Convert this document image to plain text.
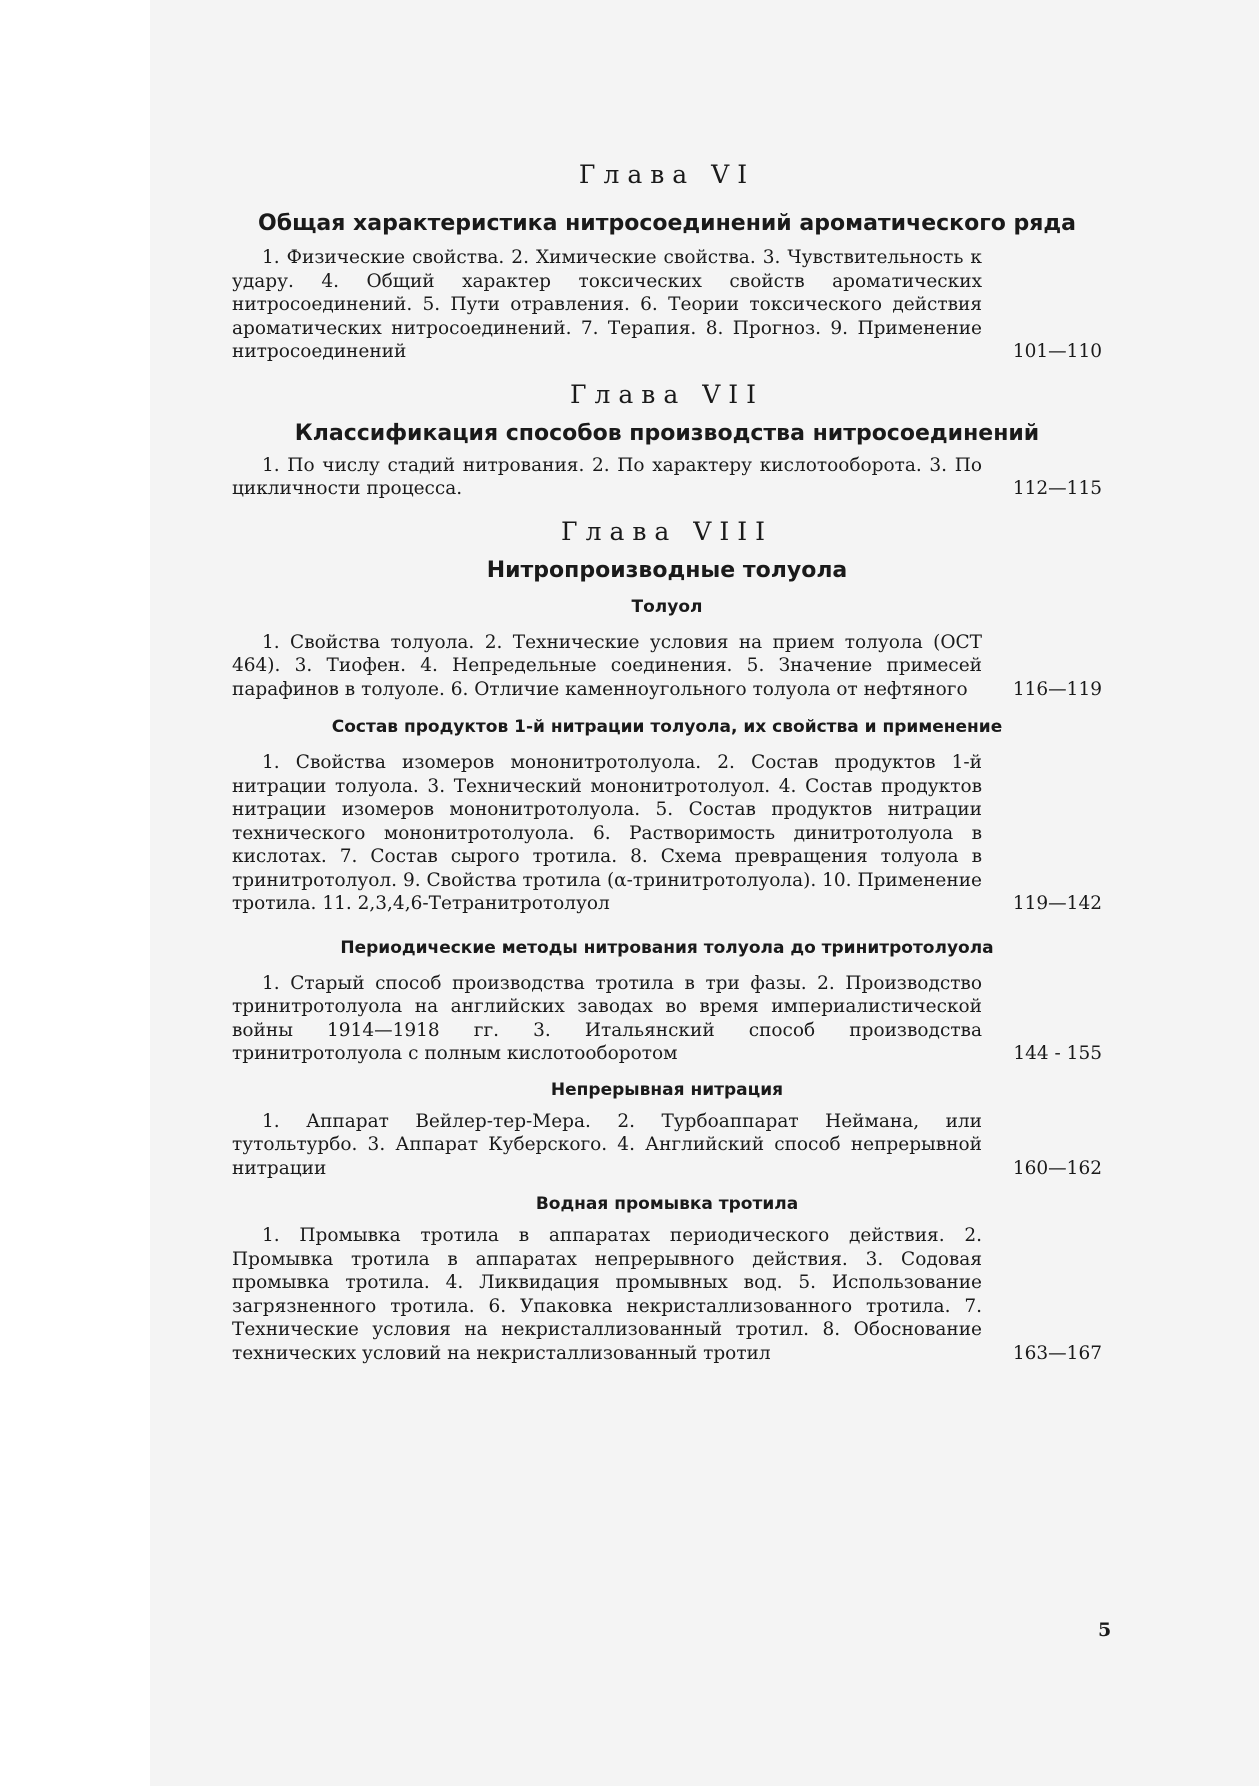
Глава VI
Общая характеристика нитросоединений ароматического ряда

1. Физические свойства. 2. Химические свойства. 3. Чувствительность к удару. 4. Общий характер токсических свойств ароматических нитросоединений. 5. Пути отравления. 6. Теории токсического действия ароматических нитросоединений. 7. Терапия. 8. Прогноз. 9. Применение нитросоединений	101—110
Глава VII
Классификация способов производства нитросоединений

1. По числу стадий нитрования. 2. По характеру кислотооборота. 3. По цикличности процесса.	112—115
Глава VIII
Нитропроизводные толуола
Толуол

1. Свойства толуола. 2. Технические условия на прием толуола (ОСТ 464). 3. Тиофен. 4. Непредельные соединения. 5. Значение примесей парафинов в толуоле. 6. Отличие каменноугольного толуола от нефтяного	116—119
Состав продуктов 1-й нитрации толуола, их свойства и применение

1. Свойства изомеров мононитротолуола. 2. Состав продуктов 1-й нитрации толуола. 3. Технический мононитротолуол. 4. Состав продуктов нитрации изомеров мононитротолуола. 5. Состав продуктов нитрации технического мононитротолуола. 6. Растворимость динитротолуола в кислотах. 7. Состав сырого тротила. 8. Схема превращения толуола в тринитротолуол. 9. Свойства тротила (α-тринитротолуола). 10. Применение тротила. 11. 2,3,4,6-Тетранитротолуол	119—142
Периодические методы нитрования толуола до тринитротолуола

1. Старый способ производства тротила в три фазы. 2. Производство тринитротолуола на английских заводах во время империалистической войны 1914—1918 гг. 3. Итальянский способ производства тринитротолуола с полным кислотооборотом	144 - 155
Непрерывная нитрация

1. Аппарат Вейлер-тер-Мера. 2. Турбоаппарат Неймана, или тутольтурбо. 3. Аппарат Куберского. 4. Английский способ непрерывной нитрации	160—162
Водная промывка тротила

1. Промывка тротила в аппаратах периодического действия. 2. Промывка тротила в аппаратах непрерывного действия. 3. Содовая промывка тротила. 4. Ликвидация промывных вод. 5. Использование загрязненного тротила. 6. Упаковка некристаллизованного тротила. 7. Технические условия на некристаллизованный тротил. 8. Обоснование технических условий на некристаллизованный тротил	163—167
5
